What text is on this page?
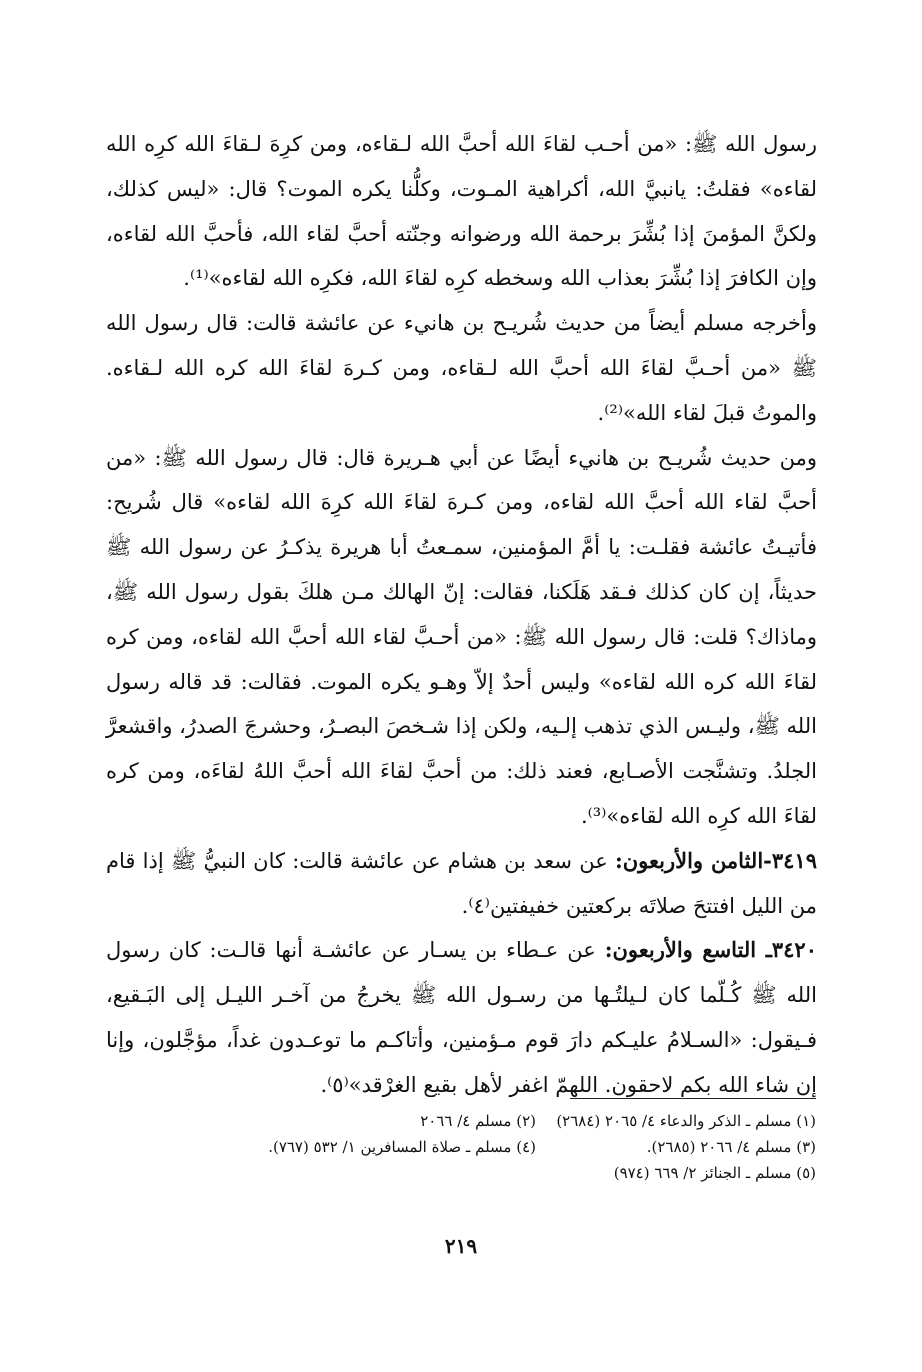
رسول الله ﷺ: «من أحـب لقاءَ الله أحبَّ الله لـقاءه، ومن كرِهَ لـقاءَ الله كرِه الله لقاءه» فقلتُ: يانبيَّ الله، أكراهية المـوت، وكلُّنا يكره الموت؟ قال: «ليس كذلك، ولكنَّ المؤمنَ إذا بُشِّرَ برحمة الله ورضوانه وجنّته أحبَّ لقاء الله، فأحبَّ الله لقاءه، وإن الكافرَ إذا بُشِّرَ بعذاب الله وسخطه كرِه لقاءَ الله، فكرِه الله لقاءه»⁽¹⁾.

وأخرجه مسلم أيضاً من حديث شُريـح بن هانيء عن عائشة قالت: قال رسول الله ﷺ «من أحـبَّ لقاءَ الله أحبَّ الله لـقاءه، ومن كـرهَ لقاءَ الله كره الله لـقاءه. والموتُ قبلَ لقاء الله»⁽²⁾.

ومن حديث شُريـح بن هانيء أيضًا عن أبي هـريرة قال: قال رسول الله ﷺ: «من أحبَّ لقاء الله أحبَّ الله لقاءه، ومن كـرهَ لقاءَ الله كرِهَ الله لقاءه» قال شُريح: فأتيـتُ عائشة فقلـت: يا أمَّ المؤمنين، سمـعتُ أبا هريرة يذكـرُ عن رسول الله ﷺ حديثاً، إن كان كذلك فـقد هَلَكنا، فقالت: إنّ الهالك مـن هلكَ بقول رسول الله ﷺ، وماذاك؟ قلت: قال رسول الله ﷺ: «من أحـبَّ لقاء الله أحبَّ الله لقاءه، ومن كره لقاءَ الله كره الله لقاءه» وليس أحدٌ إلاّ وهـو يكره الموت. فقالت: قد قاله رسول الله ﷺ، وليـس الذي تذهب إلـيه، ولكن إذا شـخصَ البصـرُ، وحشرجَ الصدرُ، واقشعرَّ الجلدُ. وتشنَّجت الأصـابع، فعند ذلك: من أحبَّ لقاءَ الله أحبَّ اللهُ لقاءَه، ومن كره لقاءَ الله كرِه الله لقاءه»⁽³⁾.

٣٤١٩-الثامن والأربعون: عن سعد بن هشام عن عائشة قالت: كان النبيُّ ﷺ إذا قام من الليل افتتحَ صلاتَه بركعتين خفيفتين⁽٤⁾.

٣٤٢٠ـ التاسع والأربعون: عن عـطاء بن يسـار عن عائشـة أنها قالـت: كان رسول الله ﷺ كُـلّما كان لـيلتُـها من رسـول الله ﷺ يخرجُ من آخـر الليـل إلى البَـقيع، فـيقول: «السـلامُ عليـكم دارَ قوم مـؤمنين، وأتاكـم ما توعـدون غداً، مؤجَّلون، وإنا إن شاء الله بكم لاحقون. اللهمّ اغفر لأهل بقيع الغرْقد»⁽٥⁾.

(١) مسلم ـ الذكر والدعاء ٤/ ٢٠٦٥ (٢٦٨٤)
(٢) مسلم ٤/ ٢٠٦٦
(٣) مسلم ٤/ ٢٠٦٦ (٢٦٨٥).
(٤) مسلم ـ صلاة المسافرين ١/ ٥٣٢ (٧٦٧).
(٥) مسلم ـ الجنائز ٢/ ٦٦٩ (٩٧٤)
٢١٩
